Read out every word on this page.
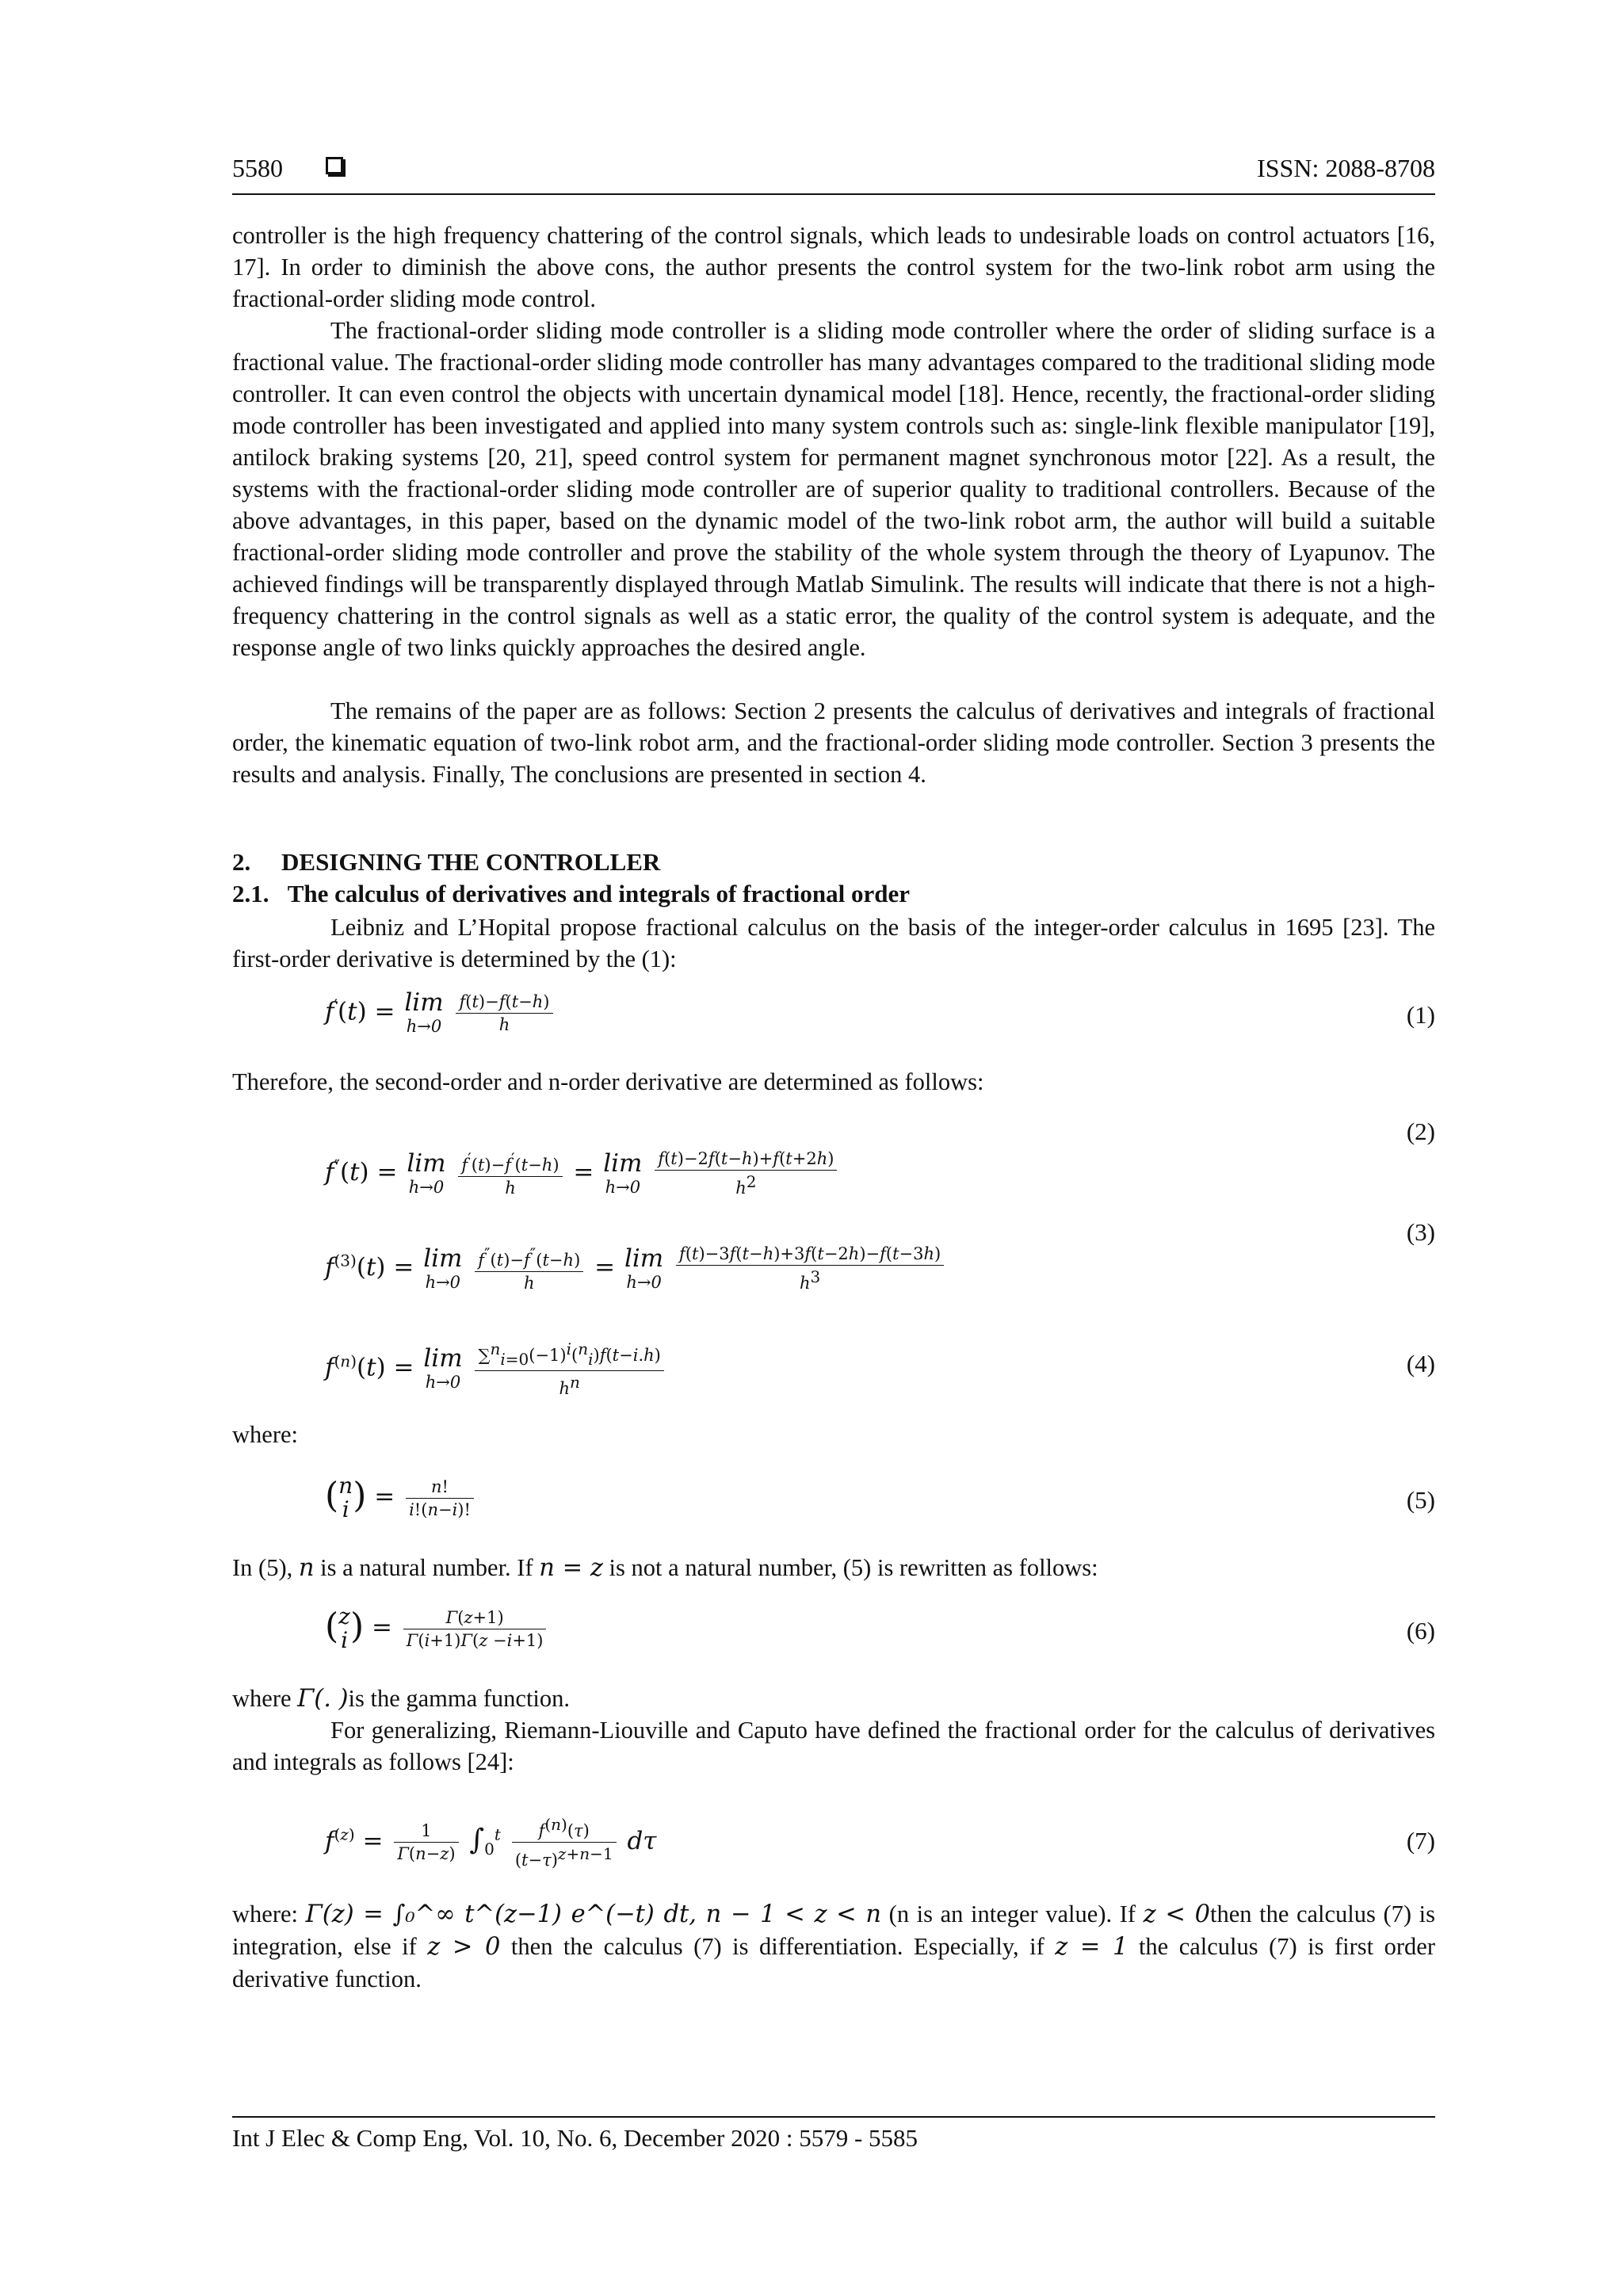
5580	ISSN: 2088-8708

controller is the high frequency chattering of the control signals, which leads to undesirable loads on control actuators [16, 17]. In order to diminish the above cons, the author presents the control system for the two-link robot arm using the fractional-order sliding mode control.

The fractional-order sliding mode controller is a sliding mode controller where the order of sliding surface is a fractional value. The fractional-order sliding mode controller has many advantages compared to the traditional sliding mode controller. It can even control the objects with uncertain dynamical model [18]. Hence, recently, the fractional-order sliding mode controller has been investigated and applied into many system controls such as: single-link flexible manipulator [19], antilock braking systems [20, 21], speed control system for permanent magnet synchronous motor [22]. As a result, the systems with the fractional-order sliding mode controller are of superior quality to traditional controllers. Because of the above advantages, in this paper, based on the dynamic model of the two-link robot arm, the author will build a suitable fractional-order sliding mode controller and prove the stability of the whole system through the theory of Lyapunov. The achieved findings will be transparently displayed through Matlab Simulink. The results will indicate that there is not a high-frequency chattering in the control signals as well as a static error, the quality of the control system is adequate, and the response angle of two links quickly approaches the desired angle.

The remains of the paper are as follows: Section 2 presents the calculus of derivatives and integrals of fractional order, the kinematic equation of two-link robot arm, and the fractional-order sliding mode controller. Section 3 presents the results and analysis. Finally, The conclusions are presented in section 4.

2.     DESIGNING THE CONTROLLER

2.1.   The calculus of derivatives and integrals of fractional order

Leibniz and L’Hopital propose fractional calculus on the basis of the integer-order calculus in 1695 [23]. The first-order derivative is determined by the (1):

f′(t) = lim
h→0
$\frac{f(t)-f(t-h)}{h}$	(1)

Therefore, the second-order and n-order derivative are determined as follows:

f″(t) = lim
h→0
$\frac{f'(t)-f'(t-h)}{h} = \lim$
h→0
$\frac{f(t)-2f(t-h)+f(t+2h)}{h^2}$
(2)
$f^{(3)}(t) = \lim$
h→0
$\frac{f''(t)-f''(t-h)}{h} = \lim$
h→0
$\frac{f(t)-3f(t-h)+3f(t-2h)-f(t-3h)}{h^3}$
(3)
$f^{(n)}(t) = \lim$
h→0
$\frac{\sum^n_{i=0}(-1)^i(^n_i)f(t-i.h)}{h^n}$	(4)

where:

(n
i ) = $\frac{n!}{i!(n-i)!}$	(5)

In (5), n is a natural number. If n = z is not a natural number, (5) is rewritten as follows:

(z
$i) = \frac{\Gamma(z+1)}{\Gamma(i+1)\Gamma(z -i+1)}$	(6)

where Γ(. )is the gamma function.

For generalizing, Riemann-Liouville and Caputo have defined the fractional order for the calculus of derivatives and integrals as follows [24]:

$f^{(z)} = \frac{1}{\Gamma(n-z)} \int_0^t \frac{f^{(n)}(\tau)}{(t-\tau)^{z+n-1}}$ dτ	(7)

where: Γ(z) = ∫₀^∞ t^(z−1) e^(−t) dt, n − 1 < z < n (n is an integer value). If z < 0then the calculus (7) is integration, else if z > 0 then the calculus (7) is differentiation. Especially, if z = 1 the calculus (7) is first order derivative function.

Int J Elec & Comp Eng, Vol. 10, No. 6, December 2020 : 5579 - 5585
